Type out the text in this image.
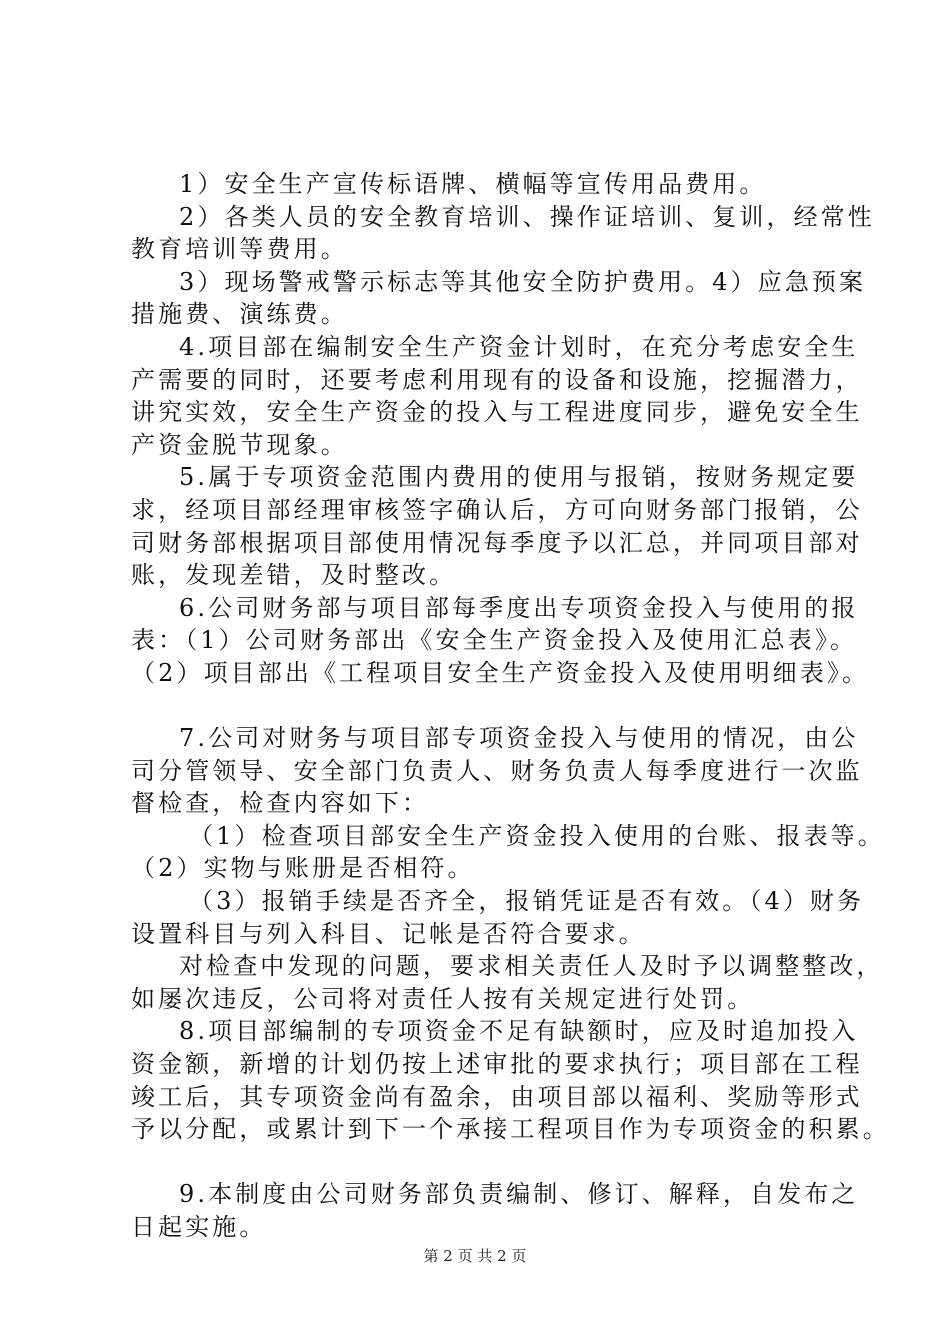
1）安全生产宣传标语牌、横幅等宣传用品费用。
2）各类人员的安全教育培训、操作证培训、复训，经常性
教育培训等费用。
3）现场警戒警示标志等其他安全防护费用。4）应急预案
措施费、演练费。
4.项目部在编制安全生产资金计划时，在充分考虑安全生
产需要的同时，还要考虑利用现有的设备和设施，挖掘潜力，
讲究实效，安全生产资金的投入与工程进度同步，避免安全生
产资金脱节现象。
5.属于专项资金范围内费用的使用与报销，按财务规定要
求，经项目部经理审核签字确认后，方可向财务部门报销，公
司财务部根据项目部使用情况每季度予以汇总，并同项目部对
账，发现差错，及时整改。
6.公司财务部与项目部每季度出专项资金投入与使用的报
表：（1）公司财务部出《安全生产资金投入及使用汇总表》。
（2）项目部出《工程项目安全生产资金投入及使用明细表》。
7.公司对财务与项目部专项资金投入与使用的情况，由公
司分管领导、安全部门负责人、财务负责人每季度进行一次监
督检查，检查内容如下：
（1）检查项目部安全生产资金投入使用的台账、报表等。
（2）实物与账册是否相符。
（3）报销手续是否齐全，报销凭证是否有效。（4）财务
设置科目与列入科目、记帐是否符合要求。
对检查中发现的问题，要求相关责任人及时予以调整整改，
如屡次违反，公司将对责任人按有关规定进行处罚。
8.项目部编制的专项资金不足有缺额时，应及时追加投入
资金额，新增的计划仍按上述审批的要求执行；项目部在工程
竣工后，其专项资金尚有盈余，由项目部以福利、奖励等形式
予以分配，或累计到下一个承接工程项目作为专项资金的积累。
9.本制度由公司财务部负责编制、修订、解释，自发布之
日起实施。
第 2 页 共 2 页
